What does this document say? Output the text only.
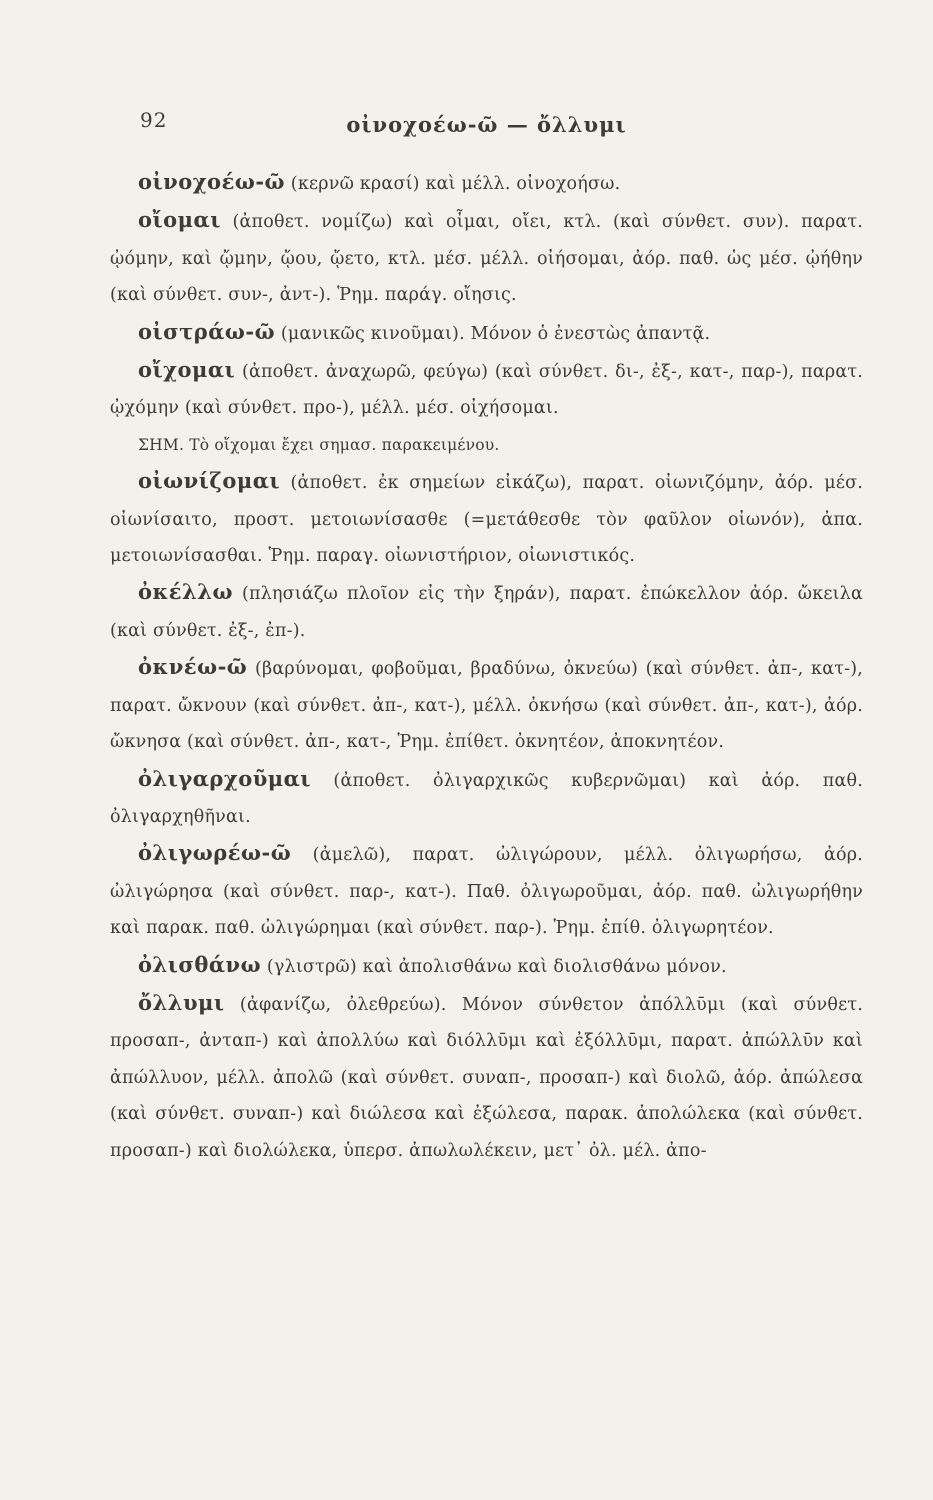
92	οἰνοχοέω-ῶ — ὄλλυμι

οἰνοχοέω-ῶ (κερνῶ κρασί) καὶ μέλλ. οἰνοχοήσω.

οἴομαι (ἀποθετ. νομίζω) καὶ οἶμαι, οἴει, κτλ. (καὶ σύνθετ. συν). παρατ. ᾠόμην, καὶ ᾤμην, ᾤου, ᾤετο, κτλ. μέσ. μέλλ. οἰήσομαι, ἀόρ. παθ. ὡς μέσ. ᾠήθην (καὶ σύνθετ. συν-, ἀντ-). Ῥημ. παράγ. οἴησις.

οἰστράω-ῶ (μανικῶς κινοῦμαι). Μόνον ὁ ἐνεστὼς ἀπαντᾷ.

οἴχομαι (ἀποθετ. ἀναχωρῶ, φεύγω) (καὶ σύνθετ. δι-, ἐξ-, κατ-, παρ-), παρατ. ᾠχόμην (καὶ σύνθετ. προ-), μέλλ. μέσ. οἰχήσομαι.

ΣΗΜ. Τὸ οἴχομαι ἔχει σημασ. παρακειμένου.

οἰωνίζομαι (ἀποθετ. ἐκ σημείων εἰκάζω), παρατ. οἰωνιζόμην, ἀόρ. μέσ. οἰωνίσαιτο, προστ. μετοιωνίσασθε (=μετάθεσθε τὸν φαῦλον οἰωνόν), ἀπα. μετοιωνίσασθαι. Ῥημ. παραγ. οἰωνιστήριον, οἰωνιστικός.

ὀκέλλω (πλησιάζω πλοῖον εἰς τὴν ξηράν), παρατ. ἐπώκελλον ἀόρ. ὤκειλα (καὶ σύνθετ. ἐξ-, ἐπ-).

ὀκνέω-ῶ (βαρύνομαι, φοβοῦμαι, βραδύνω, ὀκνεύω) (καὶ σύνθετ. ἀπ-, κατ-), παρατ. ὤκνουν (καὶ σύνθετ. ἀπ-, κατ-), μέλλ. ὀκνήσω (καὶ σύνθετ. ἀπ-, κατ-), ἀόρ. ὤκνησα (καὶ σύνθετ. ἀπ-, κατ-, Ῥημ. ἐπίθετ. ὀκνητέον, ἀποκνητέον.

ὀλιγαρχοῦμαι (ἀποθετ. ὀλιγαρχικῶς κυβερνῶμαι) καὶ ἀόρ. παθ. ὀλιγαρχηθῆναι.

ὀλιγωρέω-ῶ (ἀμελῶ), παρατ. ὠλιγώρουν, μέλλ. ὀλιγωρήσω, ἀόρ. ὠλιγώρησα (καὶ σύνθετ. παρ-, κατ-). Παθ. ὀλιγωροῦμαι, ἀόρ. παθ. ὠλιγωρήθην καὶ παρακ. παθ. ὠλιγώρημαι (καὶ σύνθετ. παρ-). Ῥημ. ἐπίθ. ὀλιγωρητέον.

ὀλισθάνω (γλιστρῶ) καὶ ἀπολισθάνω καὶ διολισθάνω μόνον.

ὄλλυμι (ἀφανίζω, ὀλεθρεύω). Μόνον σύνθετον ἀπόλλῡμι (καὶ σύνθετ. προσαπ-, ἀνταπ-) καὶ ἀπολλύω καὶ διόλλῡμι καὶ ἐξόλλῡμι, παρατ. ἀπώλλῡν καὶ ἀπώλλυον, μέλλ. ἀπολῶ (καὶ σύνθετ. συναπ-, προσαπ-) καὶ διολῶ, ἀόρ. ἀπώλεσα (καὶ σύνθετ. συναπ-) καὶ διώλεσα καὶ ἐξώλεσα, παρακ. ἀπολώλεκα (καὶ σύνθετ. προσαπ-) καὶ διολώλεκα, ὑπερσ. ἀπωλωλέκειν, μετ᾽ ὀλ. μέλ. ἀπο-
